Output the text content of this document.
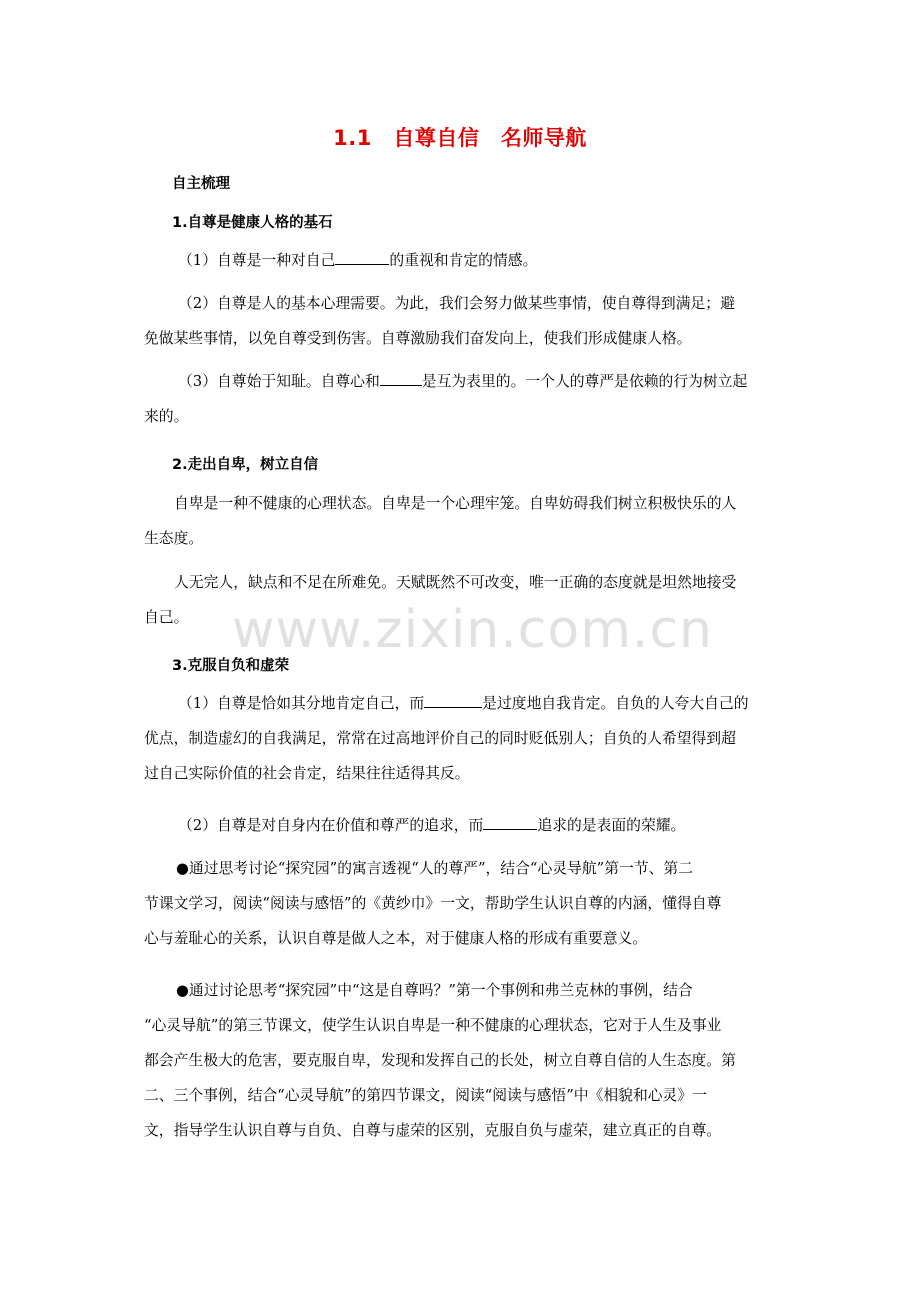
1.1　自尊自信　名师导航
自主梳理
1.自尊是健康人格的基石
（1）自尊是一种对自己	的重视和肯定的情感。
（2）自尊是人的基本心理需要。为此，我们会努力做某些事情，使自尊得到满足；避
免做某些事情，以免自尊受到伤害。自尊激励我们奋发向上，使我们形成健康人格。
（3）自尊始于知耻。自尊心和	是互为表里的。一个人的尊严是依赖的行为树立起
来的。
2.走出自卑，树立自信
自卑是一种不健康的心理状态。自卑是一个心理牢笼。自卑妨碍我们树立积极快乐的人
生态度。
人无完人，缺点和不足在所难免。天赋既然不可改变，唯一正确的态度就是坦然地接受
自己。
3.克服自负和虚荣
（1）自尊是恰如其分地肯定自己，而	是过度地自我肯定。自负的人夸大自己的
优点，制造虚幻的自我满足，常常在过高地评价自己的同时贬低别人；自负的人希望得到超
过自己实际价值的社会肯定，结果往往适得其反。
（2）自尊是对自身内在价值和尊严的追求，而	追求的是表面的荣耀。
●通过思考讨论“探究园”的寓言透视“人的尊严”，结合“心灵导航”第一节、第二
节课文学习，阅读“阅读与感悟”的《黄纱巾》一文，帮助学生认识自尊的内涵，懂得自尊
心与羞耻心的关系，认识自尊是做人之本，对于健康人格的形成有重要意义。
●通过讨论思考“探究园”中“这是自尊吗？”第一个事例和弗兰克林的事例，结合
“心灵导航”的第三节课文，使学生认识自卑是一种不健康的心理状态，它对于人生及事业
都会产生极大的危害，要克服自卑，发现和发挥自己的长处，树立自尊自信的人生态度。第
二、三个事例，结合“心灵导航”的第四节课文，阅读“阅读与感悟”中《相貌和心灵》一
文，指导学生认识自尊与自负、自尊与虚荣的区别，克服自负与虚荣，建立真正的自尊。
www.zixin.com.cn
